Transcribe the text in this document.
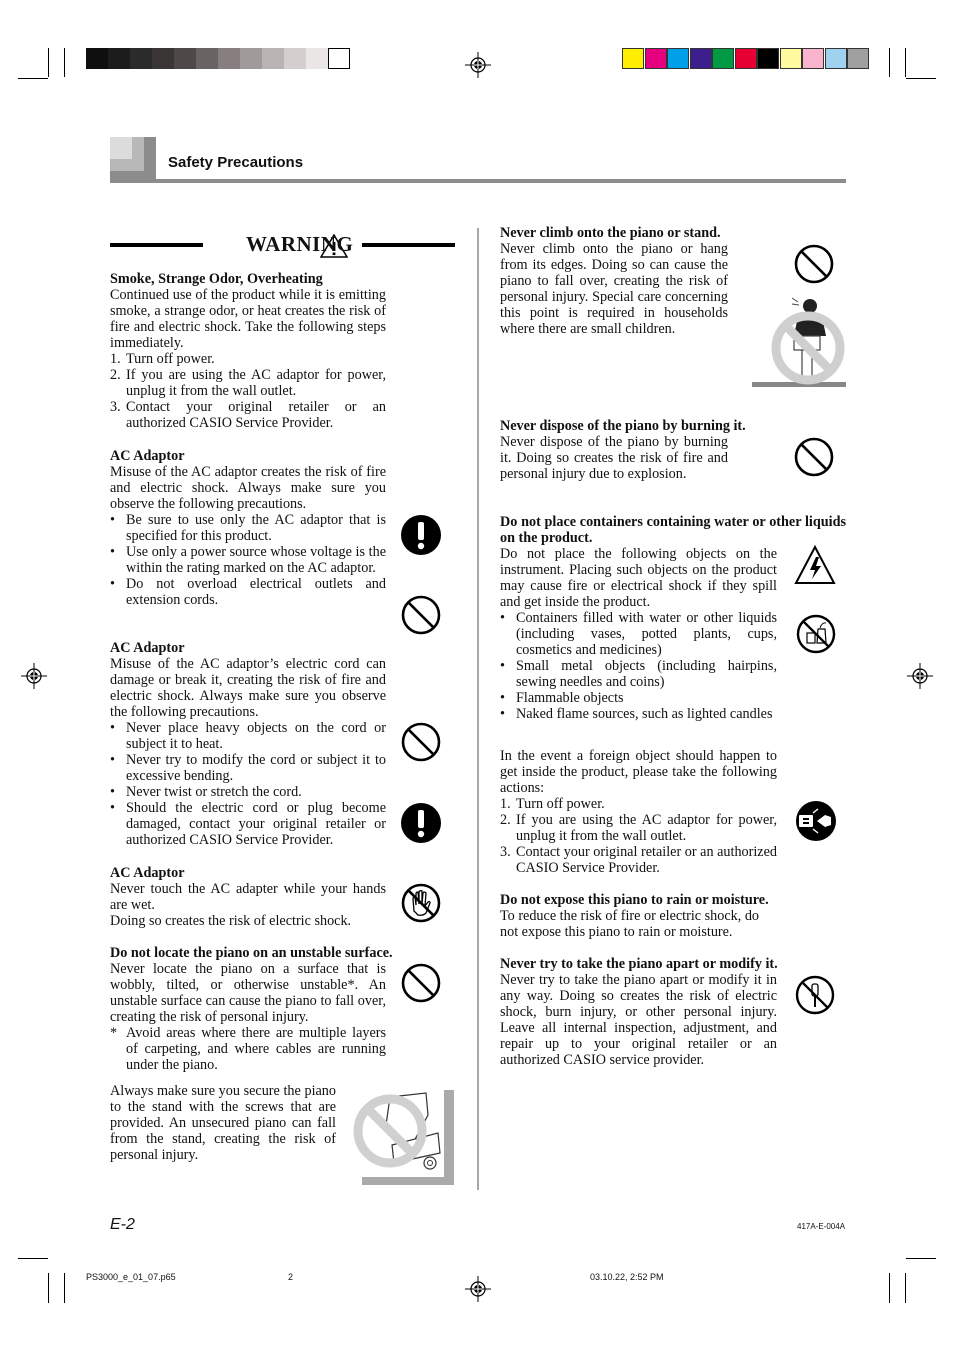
Safety Precautions
WARNING

Smoke, Strange Odor, Overheating

Continued use of the product while it is emitting smoke, a strange odor, or heat creates the risk of fire and electric shock. Take the following steps immediately.

1. Turn off power.
2. If you are using the AC adaptor for power, unplug it from the wall outlet.
3. Contact your original retailer or an authorized CASIO Service Provider.

AC Adaptor

Misuse of the AC adaptor creates the risk of fire and electric shock. Always make sure you observe the following precautions.

• Be sure to use only the AC adaptor that is specified for this product.
• Use only a power source whose voltage is the within the rating marked on the AC adaptor.
• Do not overload electrical outlets and extension cords.

AC Adaptor

Misuse of the AC adaptor’s electric cord can damage or break it, creating the risk of fire and electric shock. Always make sure you observe the following precautions.

• Never place heavy objects on the cord or subject it to heat.
• Never try to modify the cord or subject it to excessive bending.
• Never twist or stretch the cord.
• Should the electric cord or plug become damaged, contact your original retailer or authorized CASIO Service Provider.

AC Adaptor

Never touch the AC adapter while your hands are wet.

Doing so creates the risk of electric shock.

Do not locate the piano on an unstable surface.

Never locate the piano on a surface that is wobbly, tilted, or otherwise unstable*. An unstable surface can cause the piano to fall over, creating the risk of personal injury.

* Avoid areas where there are multiple layers of carpeting, and where cables are running under the piano.

Always make sure you secure the piano to the stand with the screws that are provided. An unsecured piano can fall from the stand, creating the risk of personal injury.

Never climb onto the piano or stand.

Never climb onto the piano or hang from its edges. Doing so can cause the piano to fall over, creating the risk of personal injury. Special care concerning this point is required in households where there are small children.

Never dispose of the piano by burning it.

Never dispose of the piano by burning it. Doing so creates the risk of fire and personal injury due to explosion.

Do not place containers containing water or other liquids on the product.

Do not place the following objects on the instrument. Placing such objects on the product may cause fire or electrical shock if they spill and get inside the product.

• Containers filled with water or other liquids (including vases, potted plants, cups, cosmetics and medicines)
• Small metal objects (including hairpins, sewing needles and coins)
• Flammable objects
• Naked flame sources, such as lighted candles

In the event a foreign object should happen to get inside the product, please take the following actions:

1. Turn off power.
2. If you are using the AC adaptor for power, unplug it from the wall outlet.
3. Contact your original retailer or an authorized CASIO Service Provider.

Do not expose this piano to rain or moisture.

To reduce the risk of fire or electric shock, do not expose this piano to rain or moisture.

Never try to take the piano apart or modify it.

Never try to take the piano apart or modify it in any way. Doing so creates the risk of electric shock, burn injury, or other personal injury. Leave all internal inspection, adjustment, and repair up to your original retailer or an authorized CASIO service provider.

E-2	417A-E-004A
PS3000_e_01_07.p65	2	03.10.22, 2:52 PM
